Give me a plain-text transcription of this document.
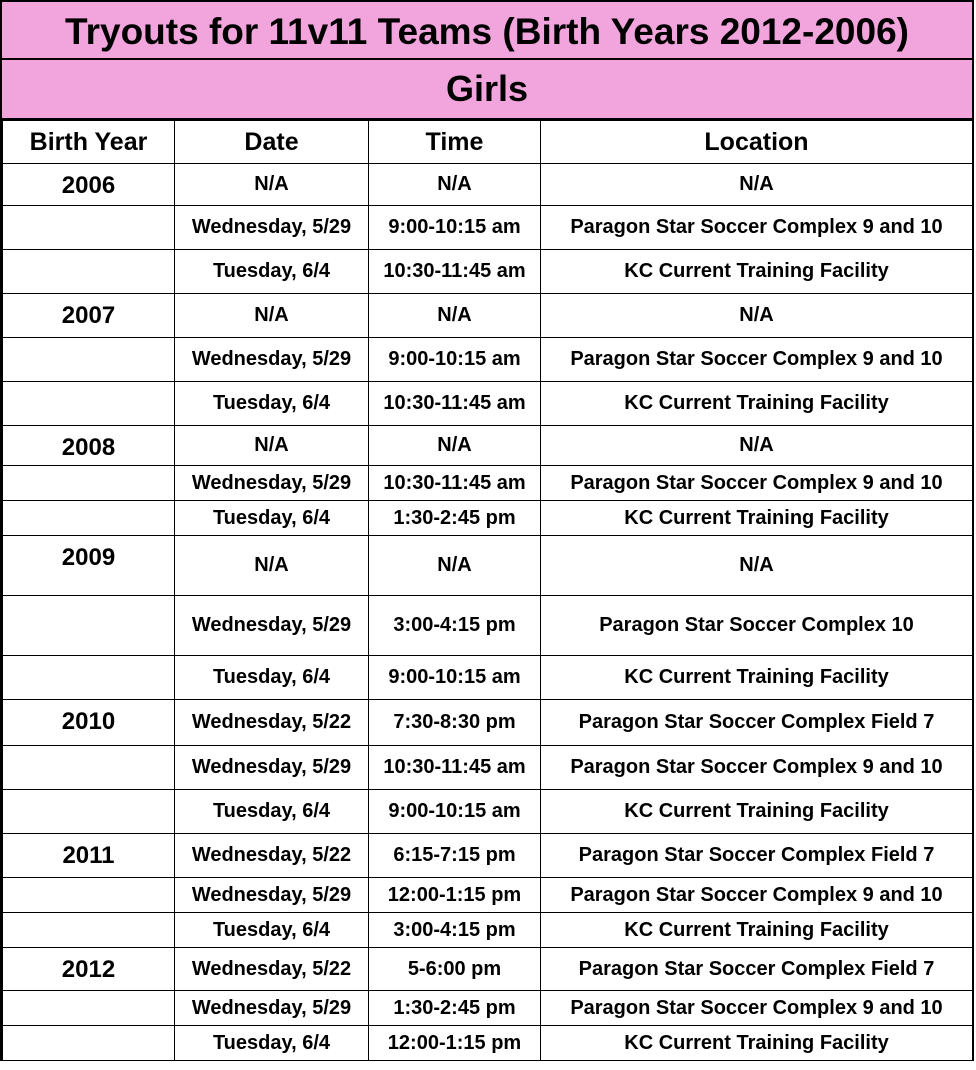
Tryouts for 11v11 Teams (Birth Years 2012-2006)
Girls
Birth Year	Date	Time	Location
2006	N/A	N/A	N/A
	Wednesday, 5/29	9:00-10:15 am	Paragon Star Soccer Complex 9 and 10
	Tuesday, 6/4	10:30-11:45 am	KC Current Training Facility
2007	N/A	N/A	N/A
	Wednesday, 5/29	9:00-10:15 am	Paragon Star Soccer Complex 9 and 10
	Tuesday, 6/4	10:30-11:45 am	KC Current Training Facility
2008	N/A	N/A	N/A
	Wednesday, 5/29	10:30-11:45 am	Paragon Star Soccer Complex 9 and 10
	Tuesday, 6/4	1:30-2:45 pm	KC Current Training Facility
2009	N/A	N/A	N/A
	Wednesday, 5/29	3:00-4:15 pm	Paragon Star Soccer Complex 10
	Tuesday, 6/4	9:00-10:15 am	KC Current Training Facility
2010	Wednesday, 5/22	7:30-8:30 pm	Paragon Star Soccer Complex Field 7
	Wednesday, 5/29	10:30-11:45 am	Paragon Star Soccer Complex 9 and 10
	Tuesday, 6/4	9:00-10:15 am	KC Current Training Facility
2011	Wednesday, 5/22	6:15-7:15 pm	Paragon Star Soccer Complex Field 7
	Wednesday, 5/29	12:00-1:15 pm	Paragon Star Soccer Complex 9 and 10
	Tuesday, 6/4	3:00-4:15 pm	KC Current Training Facility
2012	Wednesday, 5/22	5-6:00 pm	Paragon Star Soccer Complex Field 7
	Wednesday, 5/29	1:30-2:45 pm	Paragon Star Soccer Complex 9 and 10
	Tuesday, 6/4	12:00-1:15 pm	KC Current Training Facility
